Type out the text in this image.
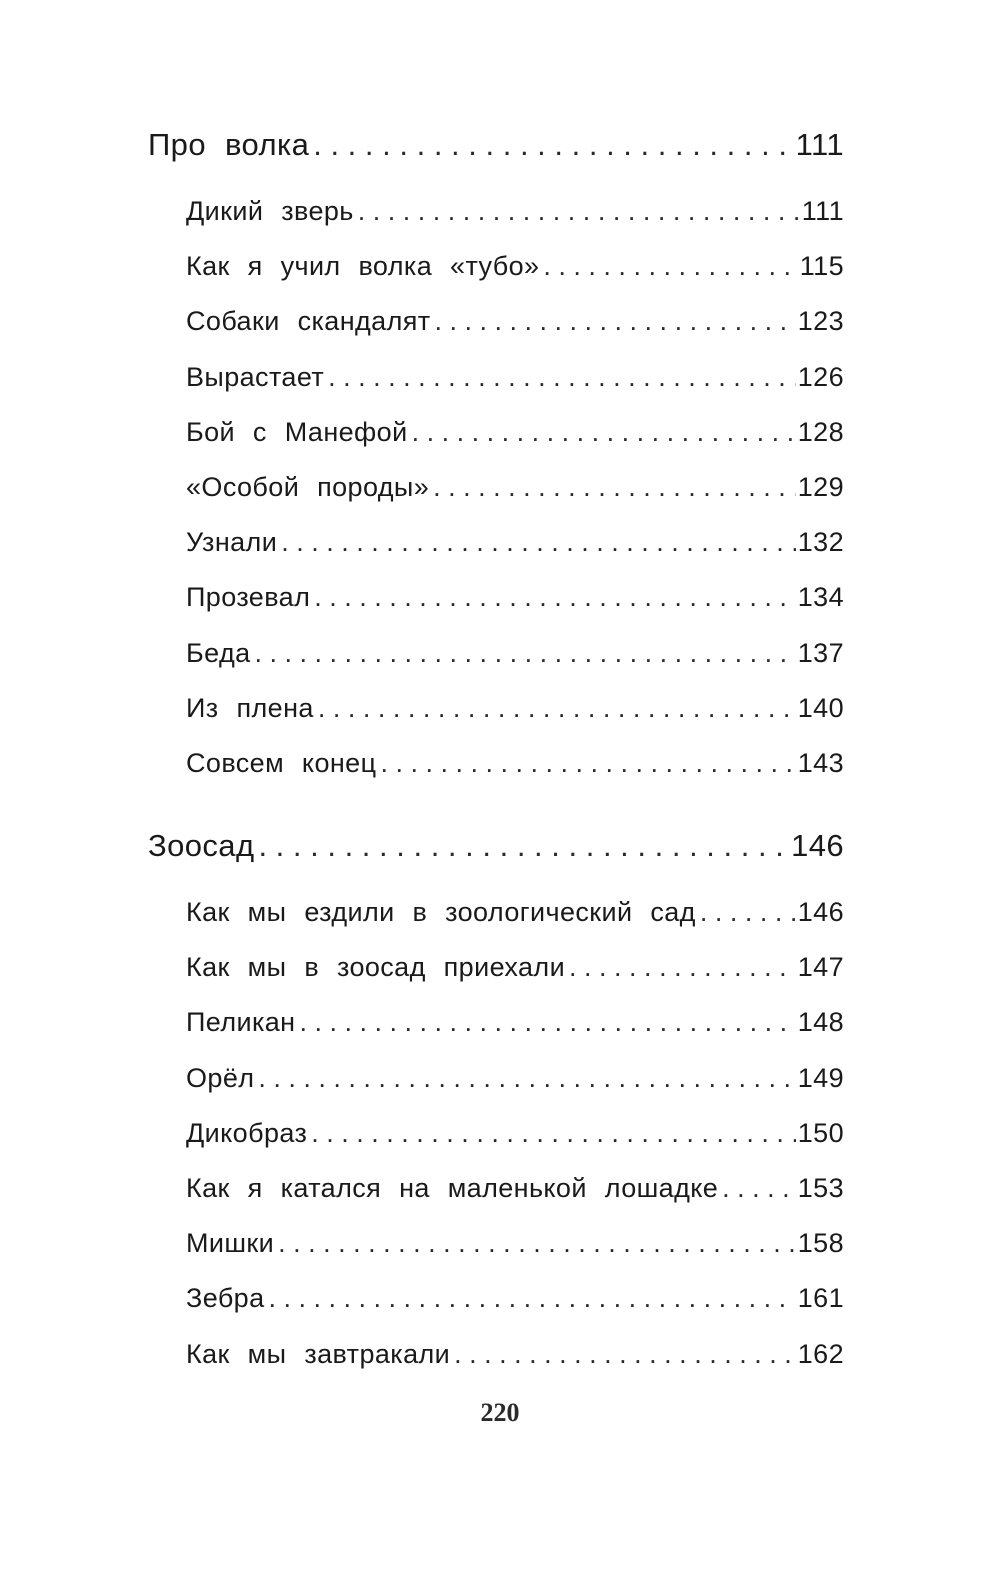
Про волка . . .	111
Дикий зверь . . .	111
Как я учил волка «тубо» . . .	115
Собаки скандалят . . .	123
Вырастает . . .	126
Бой с Манефой . . .	128
«Особой породы» . . .	129
Узнали . . .	132
Прозевал . . .	134
Беда . . .	137
Из плена . . .	140
Совсем конец . . .	143
Зоосад . . .	146
Как мы ездили в зоологический сад . . .	146
Как мы в зоосад приехали . . .	147
Пеликан . . .	148
Орёл . . .	149
Дикобраз . . .	150
Как я катался на маленькой лошадке . . .	153
Мишки . . .	158
Зебра . . .	161
Как мы завтракали . . .	162
220
